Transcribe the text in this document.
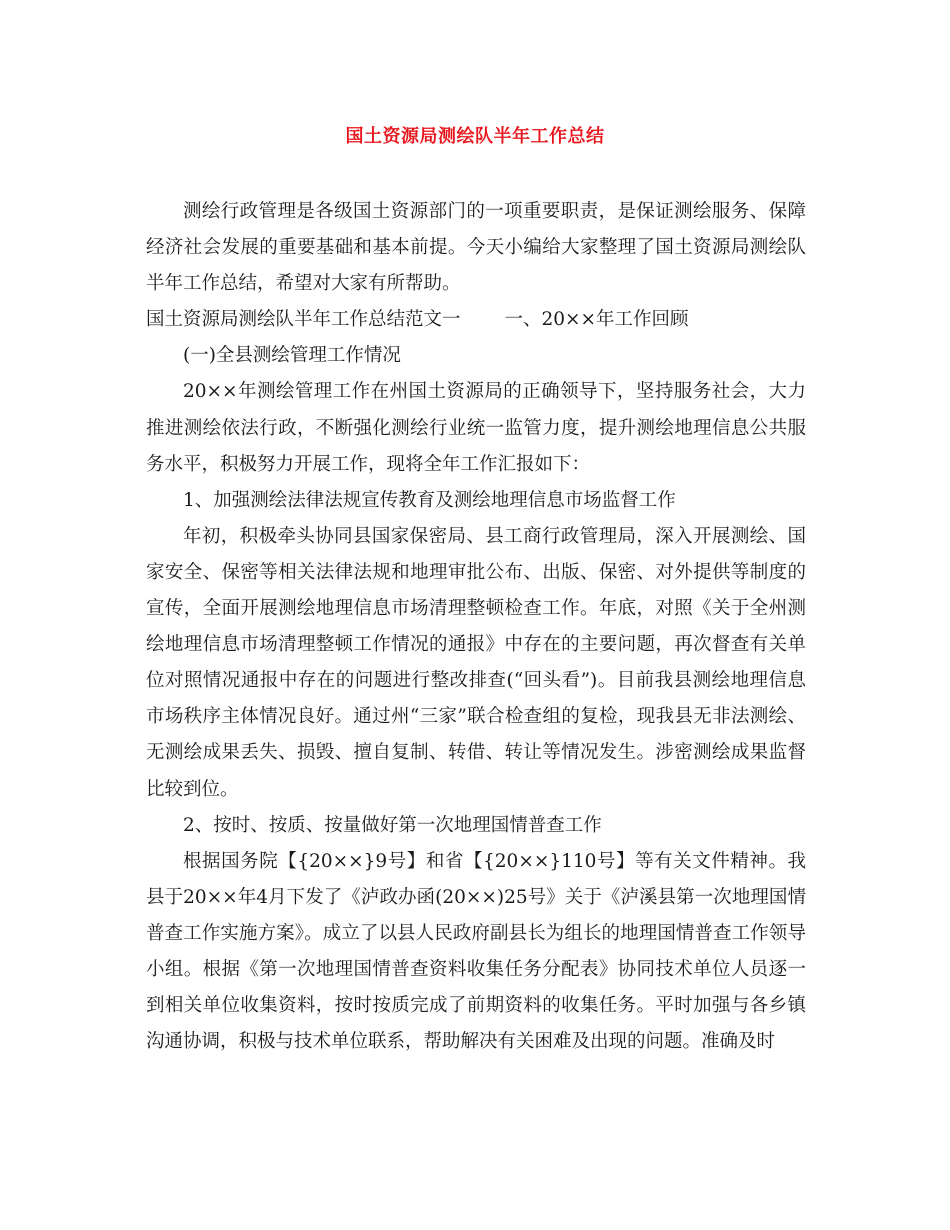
国土资源局测绘队半年工作总结

测绘行政管理是各级国土资源部门的一项重要职责，是保证测绘服务、保障经济社会发展的重要基础和基本前提。今天小编给大家整理了国土资源局测绘队半年工作总结，希望对大家有所帮助。

国土资源局测绘队半年工作总结范文一 一、20××年工作回顾

(一)全县测绘管理工作情况

20××年测绘管理工作在州国土资源局的正确领导下，坚持服务社会，大力推进测绘依法行政，不断强化测绘行业统一监管力度，提升测绘地理信息公共服务水平，积极努力开展工作，现将全年工作汇报如下：

1、加强测绘法律法规宣传教育及测绘地理信息市场监督工作

年初，积极牵头协同县国家保密局、县工商行政管理局，深入开展测绘、国家安全、保密等相关法律法规和地理审批公布、出版、保密、对外提供等制度的宣传，全面开展测绘地理信息市场清理整顿检查工作。年底，对照《关于全州测绘地理信息市场清理整顿工作情况的通报》中存在的主要问题，再次督查有关单位对照情况通报中存在的问题进行整改排查(“回头看”)。目前我县测绘地理信息市场秩序主体情况良好。通过州“三家”联合检查组的复检，现我县无非法测绘、无测绘成果丢失、损毁、擅自复制、转借、转让等情况发生。涉密测绘成果监督比较到位。

2、按时、按质、按量做好第一次地理国情普查工作

根据国务院【{20××}9号】和省【{20××}110号】等有关文件精神。我县于20××年4月下发了《泸政办函(20××)25号》关于《泸溪县第一次地理国情普查工作实施方案》。成立了以县人民政府副县长为组长的地理国情普查工作领导小组。根据《第一次地理国情普查资料收集任务分配表》协同技术单位人员逐一到相关单位收集资料，按时按质完成了前期资料的收集任务。平时加强与各乡镇沟通协调，积极与技术单位联系，帮助解决有关困难及出现的问题。准确及时
